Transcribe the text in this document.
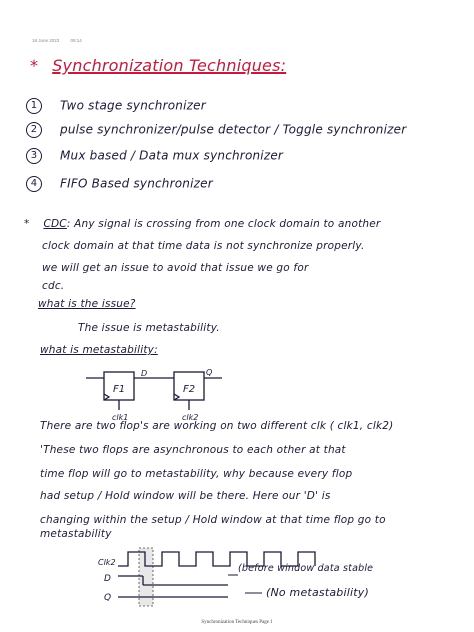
18 June 2023	09:14
* Synchronization Techniques:
1 Two stage synchronizer
2 pulse synchronizer/pulse detector / Toggle synchronizer
3 Mux based / Data mux synchronizer
4 FIFO Based synchronizer
* CDC: Any signal is crossing from one clock domain to another
clock domain at that time data is not synchronize properly.
we will get an issue to avoid that issue we go for
cdc.
what is the issue?
The issue is metastability.
what is metastability:
F1	F2
D	Q
clk1	clk2
There are two flop's are working on two different clk ( clk1, clk2)
'These two flops are asynchronous to each other at that
time flop will go to metastability, why because every flop
had setup / Hold window will be there. Here our 'D' is
changing within the setup / Hold window at that time flop go to
metastability
Clk2
D
Q
(before window data stable
(No metastability)
Synchronization Techniques Page 1
